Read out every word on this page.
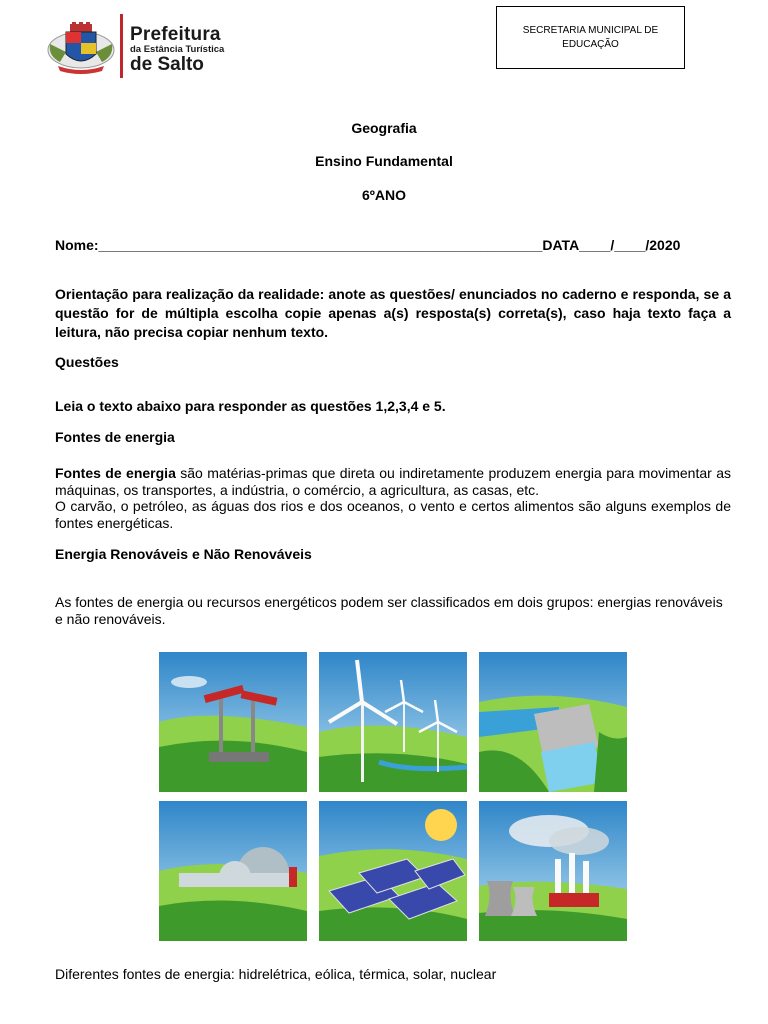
Prefeitura
da Estância Turística
de Salto
SECRETARIA MUNICIPAL DE
EDUCAÇÃO
Geografia
Ensino Fundamental
6ºANO
Nome:_________________________________________________________DATA____/____/2020
Orientação para realização da realidade: anote as questões/ enunciados no caderno e responda, se a questão for de múltipla escolha copie apenas a(s) resposta(s) correta(s), caso haja texto faça a leitura, não precisa copiar nenhum texto.
Questões
Leia o texto abaixo para responder as questões 1,2,3,4 e 5.
Fontes de energia
Fontes de energia são matérias-primas que direta ou indiretamente produzem energia para movimentar as máquinas, os transportes, a indústria, o comércio, a agricultura, as casas, etc.
O carvão, o petróleo, as águas dos rios e dos oceanos, o vento e certos alimentos são alguns exemplos de fontes energéticas.
Energia Renováveis e Não Renováveis
As fontes de energia ou recursos energéticos podem ser classificados em dois grupos: energias renováveis e não renováveis.
Diferentes fontes de energia: hidrelétrica, eólica, térmica, solar, nuclear
